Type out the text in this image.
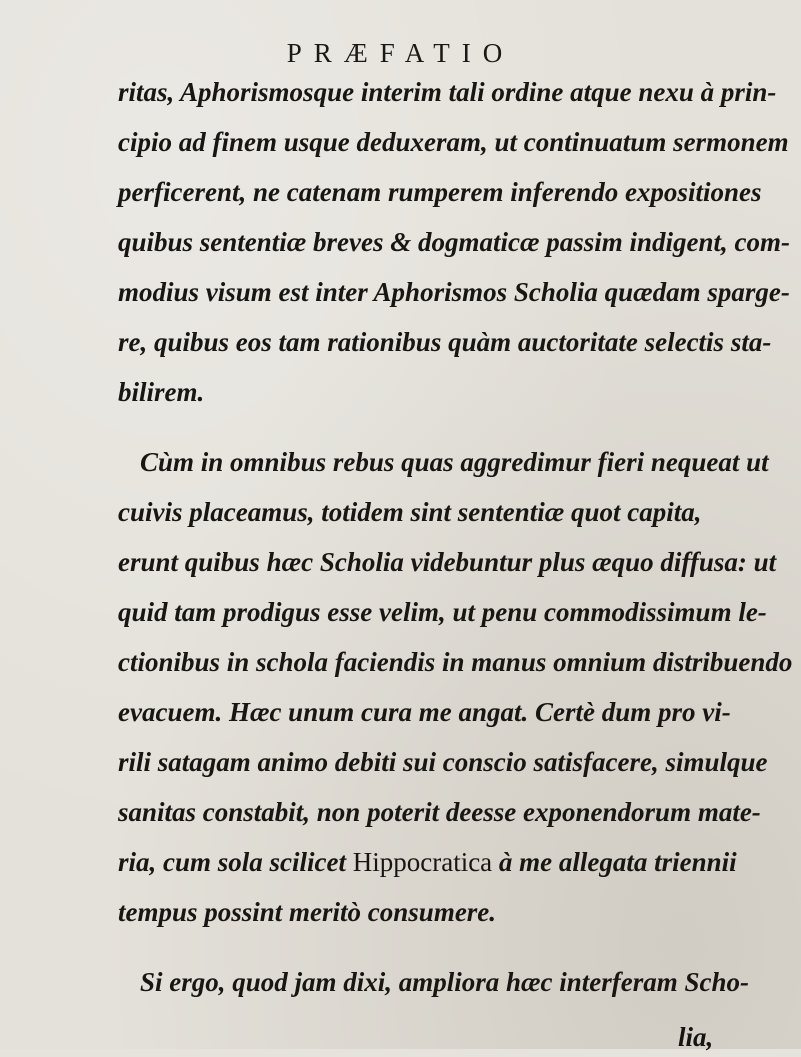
PRÆFATIO
ritas, Aphorismosque interim tali ordine atque nexu à prin-
cipio ad finem usque deduxeram, ut continuatum sermonem
perficerent, ne catenam rumperem inferendo expositiones
quibus sententiæ breves & dogmaticæ passim indigent, com-
modius visum est inter Aphorismos Scholia quædam sparge-
re, quibus eos tam rationibus quàm auctoritate selectis sta-
bilirem.
Cùm in omnibus rebus quas aggredimur fieri nequeat ut
cuivis placeamus, totidem sint sententiæ quot capita,
erunt quibus hæc Scholia videbuntur plus æquo diffusa: ut
quid tam prodigus esse velim, ut penu commodissimum le-
ctionibus in schola faciendis in manus omnium distribuendo
evacuem. Hæc unum cura me angat. Certè dum pro vi-
rili satagam animo debiti sui conscio satisfacere, simulque
sanitas constabit, non poterit deesse exponendorum mate-
ria, cum sola scilicet Hippocratica à me allegata triennii
tempus possint meritò consumere.
Si ergo, quod jam dixi, ampliora hæc interferam Scho-
lia,
